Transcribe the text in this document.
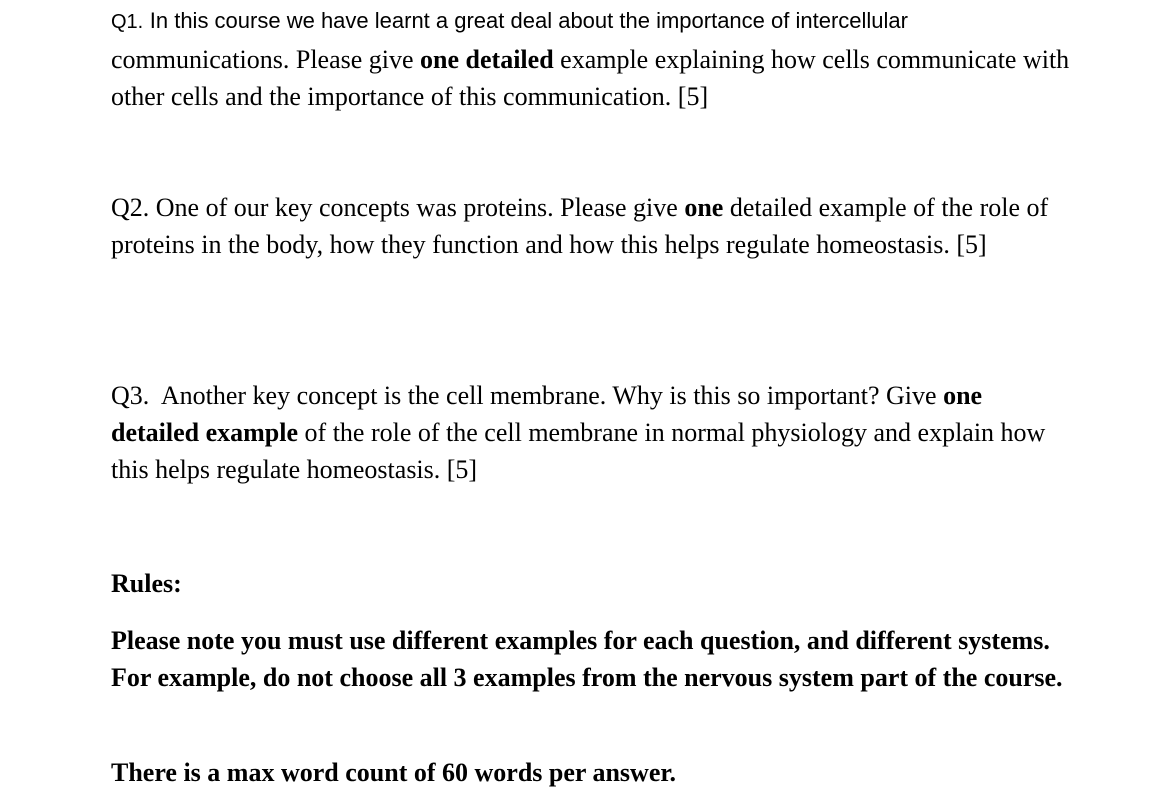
Q1. In this course we have learnt a great deal about the importance of intercellular communications. Please give one detailed example explaining how cells communicate with other cells and the importance of this communication. [5]

Q2. One of our key concepts was proteins. Please give one detailed example of the role of proteins in the body, how they function and how this helps regulate homeostasis. [5]

Q3.  Another key concept is the cell membrane. Why is this so important? Give one detailed example of the role of the cell membrane in normal physiology and explain how this helps regulate homeostasis. [5]

Rules:

Please note you must use different examples for each question, and different systems. For example, do not choose all 3 examples from the nervous system part of the course.

There is a max word count of 60 words per answer.
